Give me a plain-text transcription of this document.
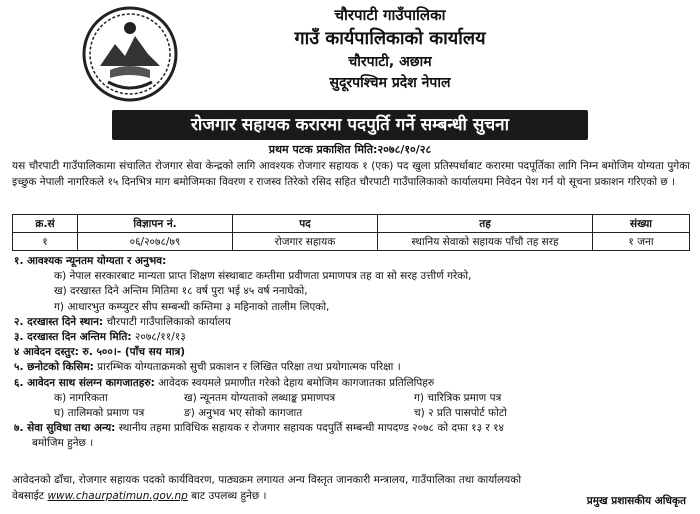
चौरपाटी गाउँपालिका
गाउँ कार्यपालिकाको कार्यालय
चौरपाटी, अछाम
सुदूरपश्चिम प्रदेश नेपाल
रोजगार सहायक करारमा पदपुर्ति गर्ने सम्बन्धी सुचना
प्रथम पटक प्रकाशित मिति:२०७८/१०/२८
यस चौरपाटी गाउँपालिकामा संचालित रोजगार सेवा केन्द्रको लागि आवश्यक रोजगार सहायक १ (एक) पद खुला प्रतिस्पर्धाबाट करारमा पदपूर्तिका लागि निम्न बमोजिम योग्यता पुगेका इच्छुक नेपाली नागरिकले १५ दिनभित्र माग बमोजिमका विवरण र राजस्व तिरेको रसिद सहित चौरपाटी गाउँपालिकाको कार्यालयमा निवेदन पेश गर्न यो सूचना प्रकाशन गरिएको छ ।
क्र.सं	विज्ञापन नं.	पद	तह	संख्या
१	०६/२०७८/७९	रोजगार सहायक	स्थानिय सेवाको सहायक पाँचौ तह सरह	१ जना
१. आवश्यक न्यूनतम योग्यता र अनुभव:
क) नेपाल सरकारबाट मान्यता प्राप्त शिक्षण संस्थाबाट कम्तीमा प्रवीणता प्रमाणपत्र तह वा सो सरह उत्तीर्ण गरेको,
ख) दरखास्त दिने अन्तिम मितिमा १८ वर्ष पुरा भई ४५ वर्ष ननाघेको,
ग) आधारभुत कम्प्युटर सीप सम्बन्धी कम्तिमा ३ महिनाको तालीम लिएको,
२. दरखास्त दिने स्थान: चौरपाटी गाउँपालिकाको कार्यालय
३. दरखास्त दिन अन्तिम मिति: २०७८/११/१३
४ आवेदन दस्तुर: रु. ५००।- (पाँच सय मात्र)
५. छनोटको किसिम: प्रारम्भिक योग्यताक्रमको सुची प्रकाशन र लिखित परिक्षा तथा प्रयोगात्मक परिक्षा ।
६. आवेदन साथ संलग्न कागजातहरु: आवेदक स्वयमले प्रमाणीत गरेको देहाय बमोजिम कागजातका प्रतिलिपिहरु
क) नागरिकता	ख) न्यूनतम योग्यताको लब्धाङ्क प्रमाणपत्र	ग) चारित्रिक प्रमाण पत्र
घ) तालिमको प्रमाण पत्र	ङ) अनुभव भए सोको कागजात	च) २ प्रति पासपोर्ट फोटो
७. सेवा सुविधा तथा अन्य: स्थानीय तहमा प्राविधिक सहायक र रोजगार सहायक पदपुर्ति सम्बन्धी मापदण्ड २०७८ को दफा १३ र १४
बमोजिम हुनेछ ।
आवेदनको ढाँचा, रोजगार सहायक पदको कार्यविवरण, पाठ्यक्रम लगायत अन्य विस्तृत जानकारी मन्त्रालय, गाउँपालिका तथा कार्यालयको
वेबसाईट www.chaurpatimun.gov.np बाट उपलब्ध हुनेछ ।	प्रमुख प्रशासकीय अधिकृत
